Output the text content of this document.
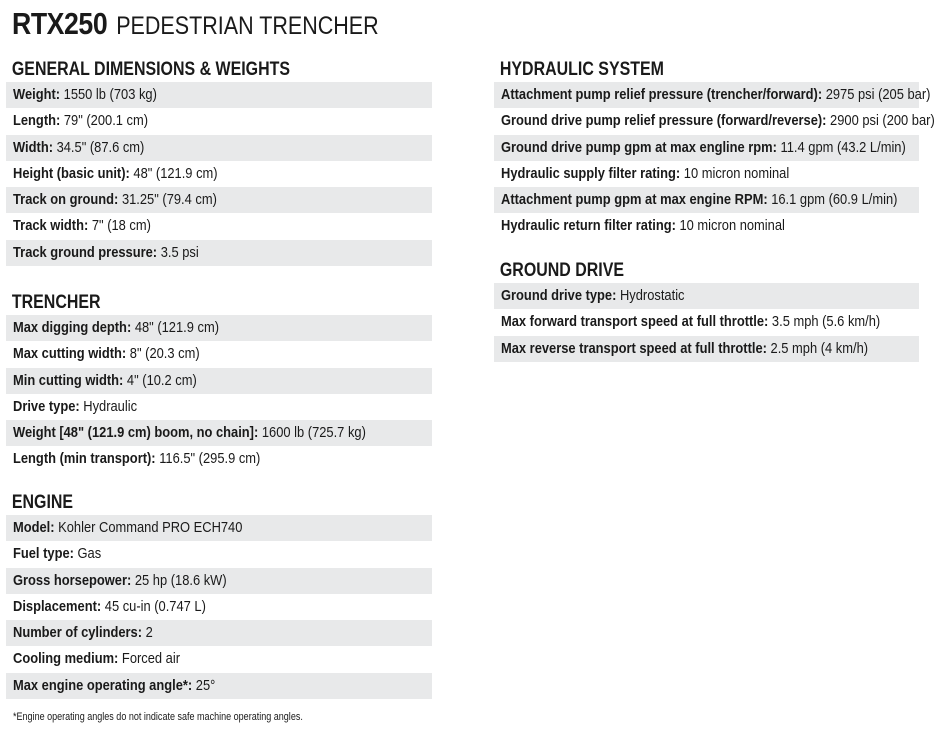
RTX250 PEDESTRIAN TRENCHER
GENERAL DIMENSIONS & WEIGHTS
Weight: 1550 lb (703 kg)
Length: 79" (200.1 cm)
Width: 34.5" (87.6 cm)
Height (basic unit): 48" (121.9 cm)
Track on ground: 31.25" (79.4 cm)
Track width: 7" (18 cm)
Track ground pressure: 3.5 psi
TRENCHER
Max digging depth: 48" (121.9 cm)
Max cutting width: 8" (20.3 cm)
Min cutting width: 4" (10.2 cm)
Drive type: Hydraulic
Weight [48" (121.9 cm) boom, no chain]: 1600 lb (725.7 kg)
Length (min transport): 116.5" (295.9 cm)
ENGINE
Model: Kohler Command PRO ECH740
Fuel type: Gas
Gross horsepower: 25 hp (18.6 kW)
Displacement: 45 cu-in (0.747 L)
Number of cylinders: 2
Cooling medium: Forced air
Max engine operating angle*: 25°
HYDRAULIC SYSTEM
Attachment pump relief pressure (trencher/forward): 2975 psi (205 bar)
Ground drive pump relief pressure (forward/reverse): 2900 psi (200 bar)
Ground drive pump gpm at max engline rpm: 11.4 gpm (43.2 L/min)
Hydraulic supply filter rating: 10 micron nominal
Attachment pump gpm at max engine RPM: 16.1 gpm (60.9 L/min)
Hydraulic return filter rating: 10 micron nominal
GROUND DRIVE
Ground drive type: Hydrostatic
Max forward transport speed at full throttle: 3.5 mph (5.6 km/h)
Max reverse transport speed at full throttle: 2.5 mph (4 km/h)
*Engine operating angles do not indicate safe machine operating angles.
